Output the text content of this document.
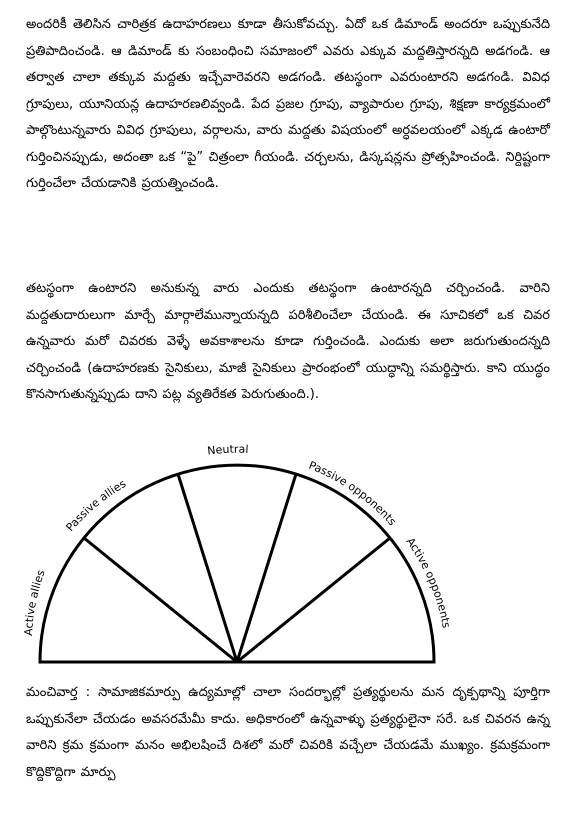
అందరికీ తెలిసిన చారిత్రక ఉదాహరణలు కూడా తీసుకోవచ్చు. ఏదో ఒక డిమాండ్ అందరూ ఒప్పుకునేది ప్రతిపాదించండి. ఆ డిమాండ్ కు సంబంధించి సమాజంలో ఎవరు ఎక్కువ మద్దతిస్తారన్నది అడగండి. ఆ తర్వాత చాలా తక్కువ మద్దతు ఇచ్చేవారెవరని అడగండి. తటస్థంగా ఎవరుంటారని అడగండి. వివిధ గ్రూపులు, యూనియన్ల ఉదాహరణలివ్వండి. పేద ప్రజల గ్రూపు, వ్యాపారుల గ్రూపు, శిక్షణా కార్యక్రమంలో పాల్గొంటున్నవారు వివిధ గ్రూపులు, వర్గాలను, వారు మద్దతు విషయంలో అర్ధవలయంలో ఎక్కడ ఉంటారో గుర్తించినప్పుడు, అదంతా ఒక “పై” చిత్రంలా గీయండి. చర్చలను, డిస్కషన్లను ప్రోత్సహించండి. నిర్దిష్టంగా గుర్తించేలా చేయడానికి ప్రయత్నించండి.

తటస్థంగా ఉంటారని అనుకున్న వారు ఎందుకు తటస్థంగా ఉంటారన్నది చర్చించండి. వారిని మద్దతుదారులుగా మార్చే మార్గాలేమున్నాయన్నది పరిశీలించేలా చేయండి. ఈ సూచికలో ఒక చివర ఉన్నవారు మరో చివరకు వెళ్ళే అవకాశాలను కూడా గుర్తించండి. ఎందుకు అలా జరుగుతుందన్నది చర్చించండి (ఉదాహరణకు సైనికులు, మాజీ సైనికులు ప్రారంభంలో యుద్ధాన్ని సమర్థిస్తారు. కాని యుద్ధం కొనసాగుతున్నప్పుడు దాని పట్ల వ్యతిరేకత పెరుగుతుంది.).

Active allies
Passive allies
Neutral
Passive opponents
Active opponents

మంచివార్త : సామాజికమార్పు ఉద్యమాల్లో చాలా సందర్భాల్లో ప్రత్యర్థులను మన దృక్పథాన్ని పూర్తిగా ఒప్పుకునేలా చేయడం అవసరమేమీ కాదు. అధికారంలో ఉన్నవాళ్ళు ప్రత్యర్థులైనా సరే. ఒక చివరన ఉన్న వారిని క్రమ క్రమంగా మనం అభిలషించే దిశలో మరో చివరికి వచ్చేలా చేయడమే ముఖ్యం. క్రమక్రమంగా కొద్దికొద్దిగా మార్పు
